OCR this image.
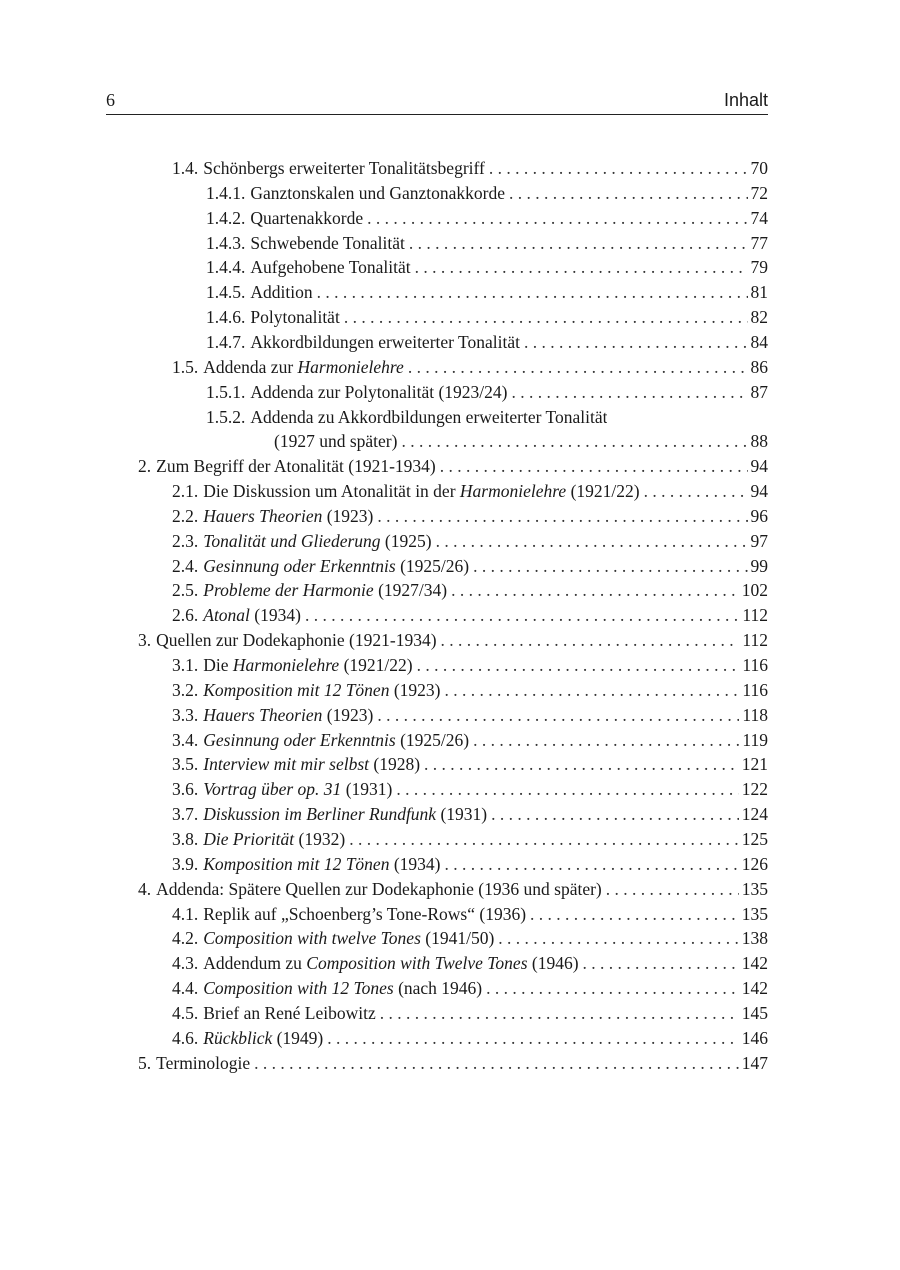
6	Inhalt
1.4. Schönbergs erweiterter Tonalitätsbegriff . . .	70
1.4.1. Ganztonskalen und Ganztonakkorde . . .	72
1.4.2. Quartenakkorde . . .	74
1.4.3. Schwebende Tonalität . . .	77
1.4.4. Aufgehobene Tonalität . . .	79
1.4.5. Addition . . .	81
1.4.6. Polytonalität . . .	82
1.4.7. Akkordbildungen erweiterter Tonalität . . .	84
1.5. Addenda zur Harmonielehre . . .	86
1.5.1. Addenda zur Polytonalität (1923/24) . . .	87
1.5.2. Addenda zu Akkordbildungen erweiterter Tonalität
(1927 und später) . . .	88
2. Zum Begriff der Atonalität (1921-1934) . . .	94
2.1. Die Diskussion um Atonalität in der Harmonielehre (1921/22) . . .	94
2.2. Hauers Theorien (1923) . . .	96
2.3. Tonalität und Gliederung (1925) . . .	97
2.4. Gesinnung oder Erkenntnis (1925/26) . . .	99
2.5. Probleme der Harmonie (1927/34) . . .	102
2.6. Atonal (1934) . . .	112
3. Quellen zur Dodekaphonie (1921-1934) . . .	112
3.1. Die Harmonielehre (1921/22) . . .	116
3.2. Komposition mit 12 Tönen (1923) . . .	116
3.3. Hauers Theorien (1923) . . .	118
3.4. Gesinnung oder Erkenntnis (1925/26) . . .	119
3.5. Interview mit mir selbst (1928) . . .	121
3.6. Vortrag über op. 31 (1931) . . .	122
3.7. Diskussion im Berliner Rundfunk (1931) . . .	124
3.8. Die Priorität (1932) . . .	125
3.9. Komposition mit 12 Tönen (1934) . . .	126
4. Addenda: Spätere Quellen zur Dodekaphonie (1936 und später) . . .	135
4.1. Replik auf „Schoenberg’s Tone-Rows“ (1936) . . .	135
4.2. Composition with twelve Tones (1941/50) . . .	138
4.3. Addendum zu Composition with Twelve Tones (1946) . . .	142
4.4. Composition with 12 Tones (nach 1946) . . .	142
4.5. Brief an René Leibowitz . . .	145
4.6. Rückblick (1949) . . .	146
5. Terminologie . . .	147
